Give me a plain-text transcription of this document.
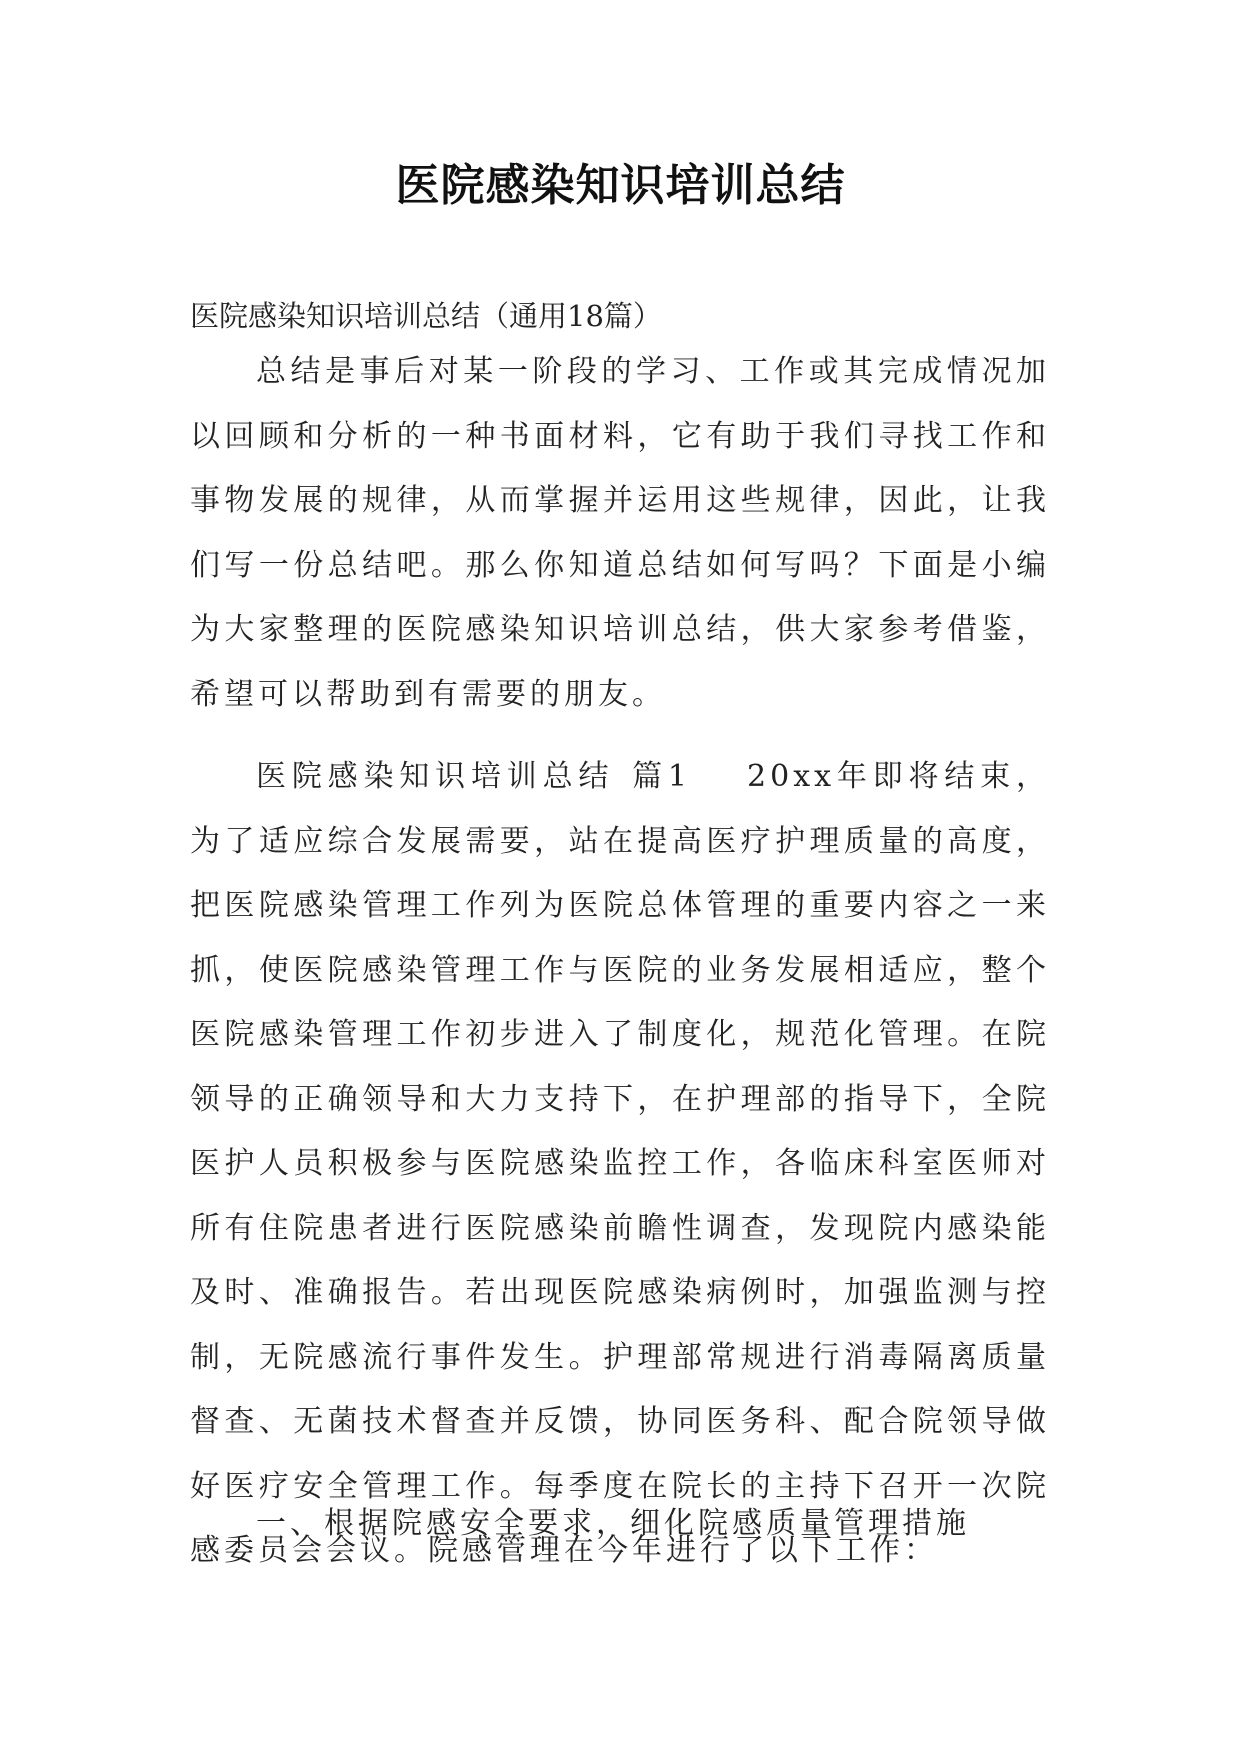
医院感染知识培训总结

医院感染知识培训总结（通用18篇）

总结是事后对某一阶段的学习、工作或其完成情况加以回顾和分析的一种书面材料，它有助于我们寻找工作和事物发展的规律，从而掌握并运用这些规律，因此，让我们写一份总结吧。那么你知道总结如何写吗？下面是小编为大家整理的医院感染知识培训总结，供大家参考借鉴，希望可以帮助到有需要的朋友。

医院感染知识培训总结 篇1 20xx年即将结束，为了适应综合发展需要，站在提高医疗护理质量的高度，把医院感染管理工作列为医院总体管理的重要内容之一来抓，使医院感染管理工作与医院的业务发展相适应，整个医院感染管理工作初步进入了制度化，规范化管理。在院领导的正确领导和大力支持下，在护理部的指导下，全院医护人员积极参与医院感染监控工作，各临床科室医师对所有住院患者进行医院感染前瞻性调查，发现院内感染能及时、准确报告。若出现医院感染病例时，加强监测与控制，无院感流行事件发生。护理部常规进行消毒隔离质量督查、无菌技术督查并反馈，协同医务科、配合院领导做好医疗安全管理工作。每季度在院长的主持下召开一次院感委员会会议。院感管理在今年进行了以下工作：

一、根据院感安全要求，细化院感质量管理措施
